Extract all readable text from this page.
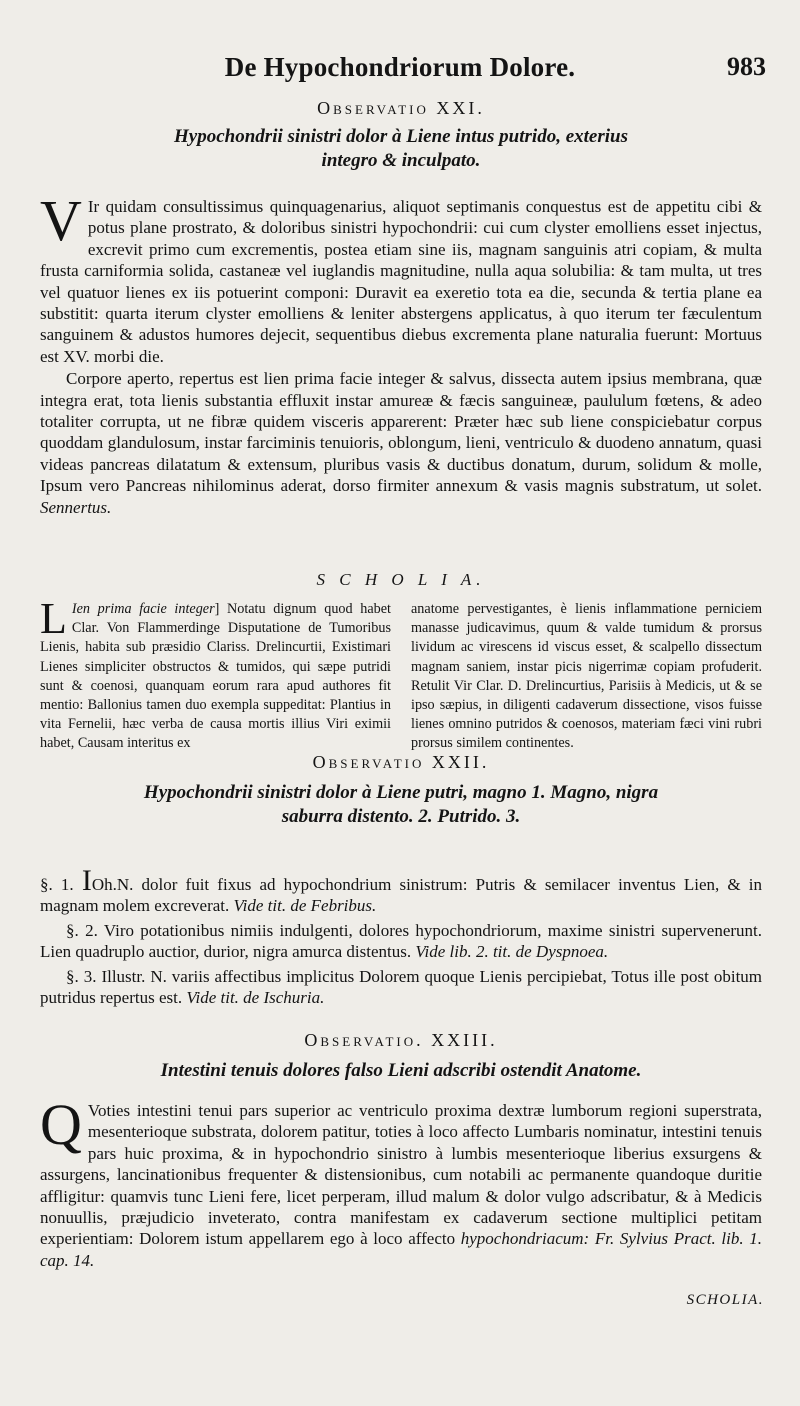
De Hypochondriorum Dolore.	983
Observatio XXI.
Hypochondrii sinistri dolor à Liene intus putrido, exterius
integro & inculpato.

V Ir quidam consultissimus quinquagenarius, aliquot septimanis conquestus est de appetitu cibi & potus plane prostrato, & doloribus sinistri hypochondrii: cui cum clyster emolliens esset injectus, excrevit primo cum excrementis, postea etiam sine iis, magnam sanguinis atri copiam, & multa frusta carniformia solida, castaneæ vel iuglandis magnitudine, nulla aqua solubilia: & tam multa, ut tres vel quatuor lienes ex iis potuerint componi: Duravit ea exeretio tota ea die, secunda & tertia plane ea substitit: quarta iterum clyster emolliens & leniter abstergens applicatus, à quo iterum ter fæculentum sanguinem & adustos humores dejecit, sequentibus diebus excrementa plane naturalia fuerunt: Mortuus est XV. morbi die.

Corpore aperto, repertus est lien prima facie integer & salvus, dissecta autem ipsius membrana, quæ integra erat, tota lienis substantia effluxit instar amureæ & fæcis sanguineæ, paululum fœtens, & adeo totaliter corrupta, ut ne fibræ quidem visceris apparerent: Præter hæc sub liene conspiciebatur corpus quoddam glandulosum, instar farciminis tenuioris, oblongum, lieni, ventriculo & duodeno annatum, quasi videas pancreas dilatatum & extensum, pluribus vasis & ductibus donatum, durum, solidum & molle, Ipsum vero Pancreas nihilominus aderat, dorso firmiter annexum & vasis magnis substratum, ut solet. Sennertus.

S C H O L I A.
L Ien prima facie integer] Notatu dignum quod habet Clar. Von Flammerdinge Disputatione de Tumoribus Lienis, habita sub præsidio Clariss. Drelincurtii, Existimari Lienes simpliciter obstructos & tumidos, qui sæpe putridi sunt & coenosi, quanquam eorum rara apud authores fit mentio: Ballonius tamen duo exempla suppeditat: Plantius in vita Fernelii, hæc verba de causa mortis illius Viri eximii habet, Causam interitus ex
anatome pervestigantes, è lienis inflammatione perniciem manasse judicavimus, quum & valde tumidum & prorsus lividum ac virescens id viscus esset, & scalpello dissectum magnam saniem, instar picis nigerrimæ copiam profuderit. Retulit Vir Clar. D. Drelincurtius, Parisiis à Medicis, ut & se ipso sæpius, in diligenti cadaverum dissectione, visos fuisse lienes omnino putridos & coenosos, materiam fæci vini rubri prorsus similem continentes.
Observatio XXII.
Hypochondrii sinistri dolor à Liene putri, magno 1. Magno, nigra
saburra distento. 2. Putrido. 3.

§. 1. IOh.N. dolor fuit fixus ad hypochondrium sinistrum: Putris & semilacer inventus Lien, & in magnam molem excreverat. Vide tit. de Febribus.

§. 2. Viro potationibus nimiis indulgenti, dolores hypochondriorum, maxime sinistri supervenerunt. Lien quadruplo auctior, durior, nigra amurca distentus. Vide lib. 2. tit. de Dyspnoea.

§. 3. Illustr. N. variis affectibus implicitus Dolorem quoque Lienis percipiebat, Totus ille post obitum putridus repertus est. Vide tit. de Ischuria.

Observatio. XXIII.
Intestini tenuis dolores falso Lieni adscribi ostendit Anatome.

Q Voties intestini tenui pars superior ac ventriculo proxima dextræ lumborum regioni superstrata, mesenterioque substrata, dolorem patitur, toties à loco affecto Lumbaris nominatur, intestini tenuis pars huic proxima, & in hypochondrio sinistro à lumbis mesenterioque liberius exsurgens & assurgens, lancinationibus frequenter & distensionibus, cum notabili ac permanente quandoque duritie affligitur: quamvis tunc Lieni fere, licet perperam, illud malum & dolor vulgo adscribatur, & à Medicis nonuullis, præjudicio inveterato, contra manifestam ex cadaverum sectione multiplici petitam experientiam: Dolorem istum appellarem ego à loco affecto hypochondriacum: Fr. Sylvius Pract. lib. 1. cap. 14.

SCHOLIA.
